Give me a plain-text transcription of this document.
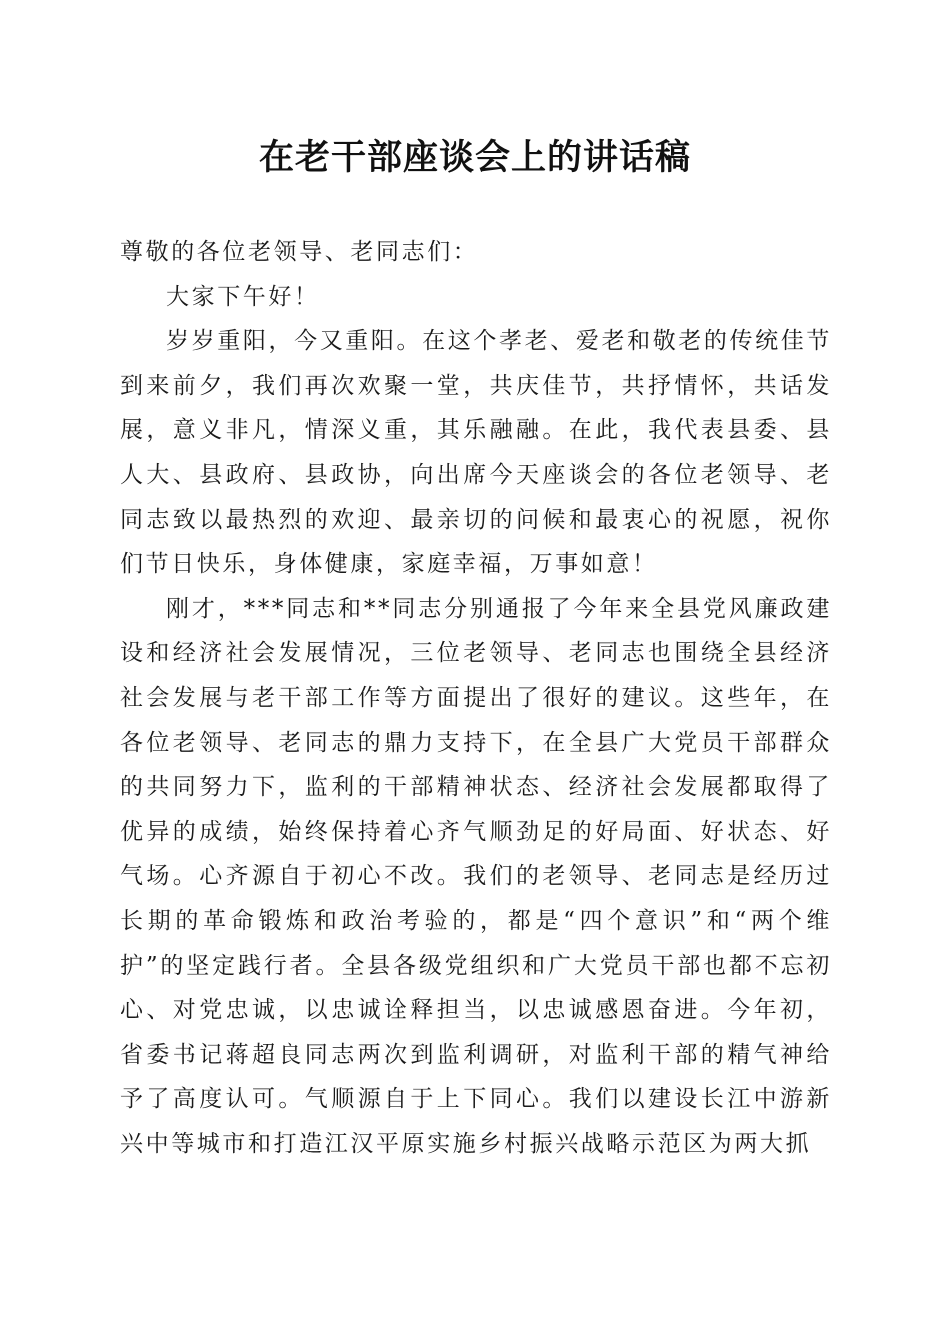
在老干部座谈会上的讲话稿

尊敬的各位老领导、老同志们：

大家下午好！

岁岁重阳，今又重阳。在这个孝老、爱老和敬老的传统佳节到来前夕，我们再次欢聚一堂，共庆佳节，共抒情怀，共话发展，意义非凡，情深义重，其乐融融。在此，我代表县委、县人大、县政府、县政协，向出席今天座谈会的各位老领导、老同志致以最热烈的欢迎、最亲切的问候和最衷心的祝愿，祝你们节日快乐，身体健康，家庭幸福，万事如意！

刚才，***同志和**同志分别通报了今年来全县党风廉政建设和经济社会发展情况，三位老领导、老同志也围绕全县经济社会发展与老干部工作等方面提出了很好的建议。这些年，在各位老领导、老同志的鼎力支持下，在全县广大党员干部群众的共同努力下，监利的干部精神状态、经济社会发展都取得了优异的成绩，始终保持着心齐气顺劲足的好局面、好状态、好气场。心齐源自于初心不改。我们的老领导、老同志是经历过长期的革命锻炼和政治考验的，都是“四个意识”和“两个维护”的坚定践行者。全县各级党组织和广大党员干部也都不忘初心、对党忠诚，以忠诚诠释担当，以忠诚感恩奋进。今年初，省委书记蒋超良同志两次到监利调研，对监利干部的精气神给予了高度认可。气顺源自于上下同心。我们以建设长江中游新兴中等城市和打造江汉平原实施乡村振兴战略示范区为两大抓
